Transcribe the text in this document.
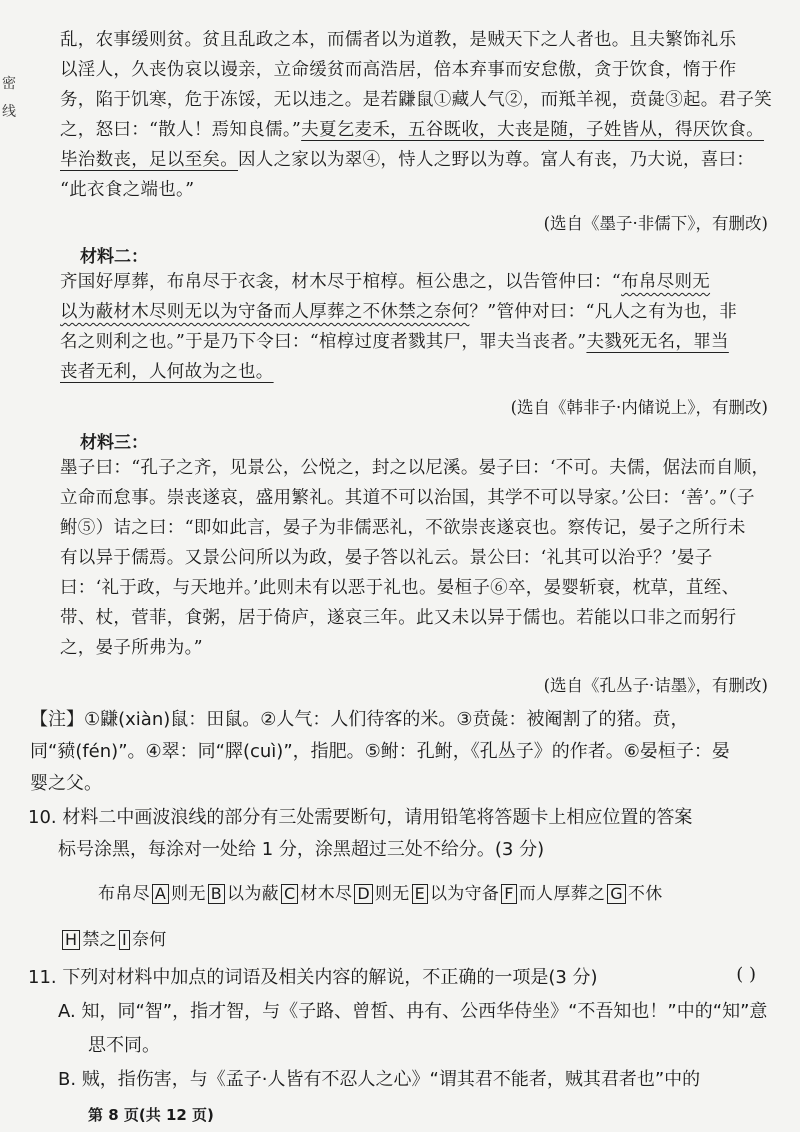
密
线
乱，农事缓则贫。贫且乱政之本，而儒者以为道教，是贼天下之人者也。且夫繁饰礼乐
以淫人，久丧伪哀以谩亲，立命缓贫而高浩居，倍本弃事而安怠傲，贪于饮食，惰于作
务，陷于饥寒，危于冻馁，无以违之。是若鼸鼠①藏人气②，而羝羊视，贲彘③起。君子笑
之，怒曰：“散人！焉知良儒。”夫夏乞麦禾，五谷既收，大丧是随，子姓皆从，得厌饮食。
毕治数丧，足以至矣。因人之家以为翠④，恃人之野以为尊。富人有丧，乃大说，喜曰：
“此衣食之端也。”
(选自《墨子·非儒下》，有删改)
材料二：
齐国好厚葬，布帛尽于衣衾，材木尽于棺椁。桓公患之，以告管仲曰：“布帛尽则无
以为蔽材木尽则无以为守备而人厚葬之不休禁之奈何？”管仲对曰：“凡人之有为也，非
名之则利之也。”于是乃下令曰：“棺椁过度者戮其尸，罪夫当丧者。”夫戮死无名，罪当
丧者无利，人何故为之也。
(选自《韩非子·内储说上》，有删改)
材料三：
墨子曰：“孔子之齐，见景公，公悦之，封之以尼溪。晏子曰：‘不可。夫儒，倨法而自顺，
立命而怠事。崇丧遂哀，盛用繁礼。其道不可以治国，其学不可以导家。’公曰：‘善’。”（子
鲋⑤）诘之曰：“即如此言，晏子为非儒恶礼，不欲崇丧遂哀也。察传记，晏子之所行未
有以异于儒焉。又景公问所以为政，晏子答以礼云。景公曰：‘礼其可以治乎？’晏子
曰：‘礼于政，与天地并。’此则未有以恶于礼也。晏桓子⑥卒，晏婴斩衰，枕草，苴绖、
带、杖，菅菲，食粥，居于倚庐，遂哀三年。此又未以异于儒也。若能以口非之而躬行
之，晏子所弗为。”
(选自《孔丛子·诘墨》，有删改)
【注】①鼸(xiàn)鼠：田鼠。②人气：人们待客的米。③贲彘：被阉割了的猪。贲，
同“豮(fén)”。④翠：同“臎(cuì)”，指肥。⑤鲋：孔鲋，《孔丛子》的作者。⑥晏桓子：晏
婴之父。
10. 材料二中画波浪线的部分有三处需要断句，请用铅笔将答题卡上相应位置的答案
标号涂黑，每涂对一处给 1 分，涂黑超过三处不给分。(3 分)
布帛尽 A 则无 B 以为蔽 C 材木尽 D 则无 E 以为守备 F 而人厚葬之 G 不休
H 禁之 I 奈何
11. 下列对材料中加点的词语及相关内容的解说，不正确的一项是(3 分)	( )
A. 知，同“智”，指才智，与《子路、曾皙、冉有、公西华侍坐》“不吾知也！”中的“知”意
思不同。
B. 贼，指伤害，与《孟子·人皆有不忍人之心》“谓其君不能者，贼其君者也”中的
第 8 页(共 12 页)
